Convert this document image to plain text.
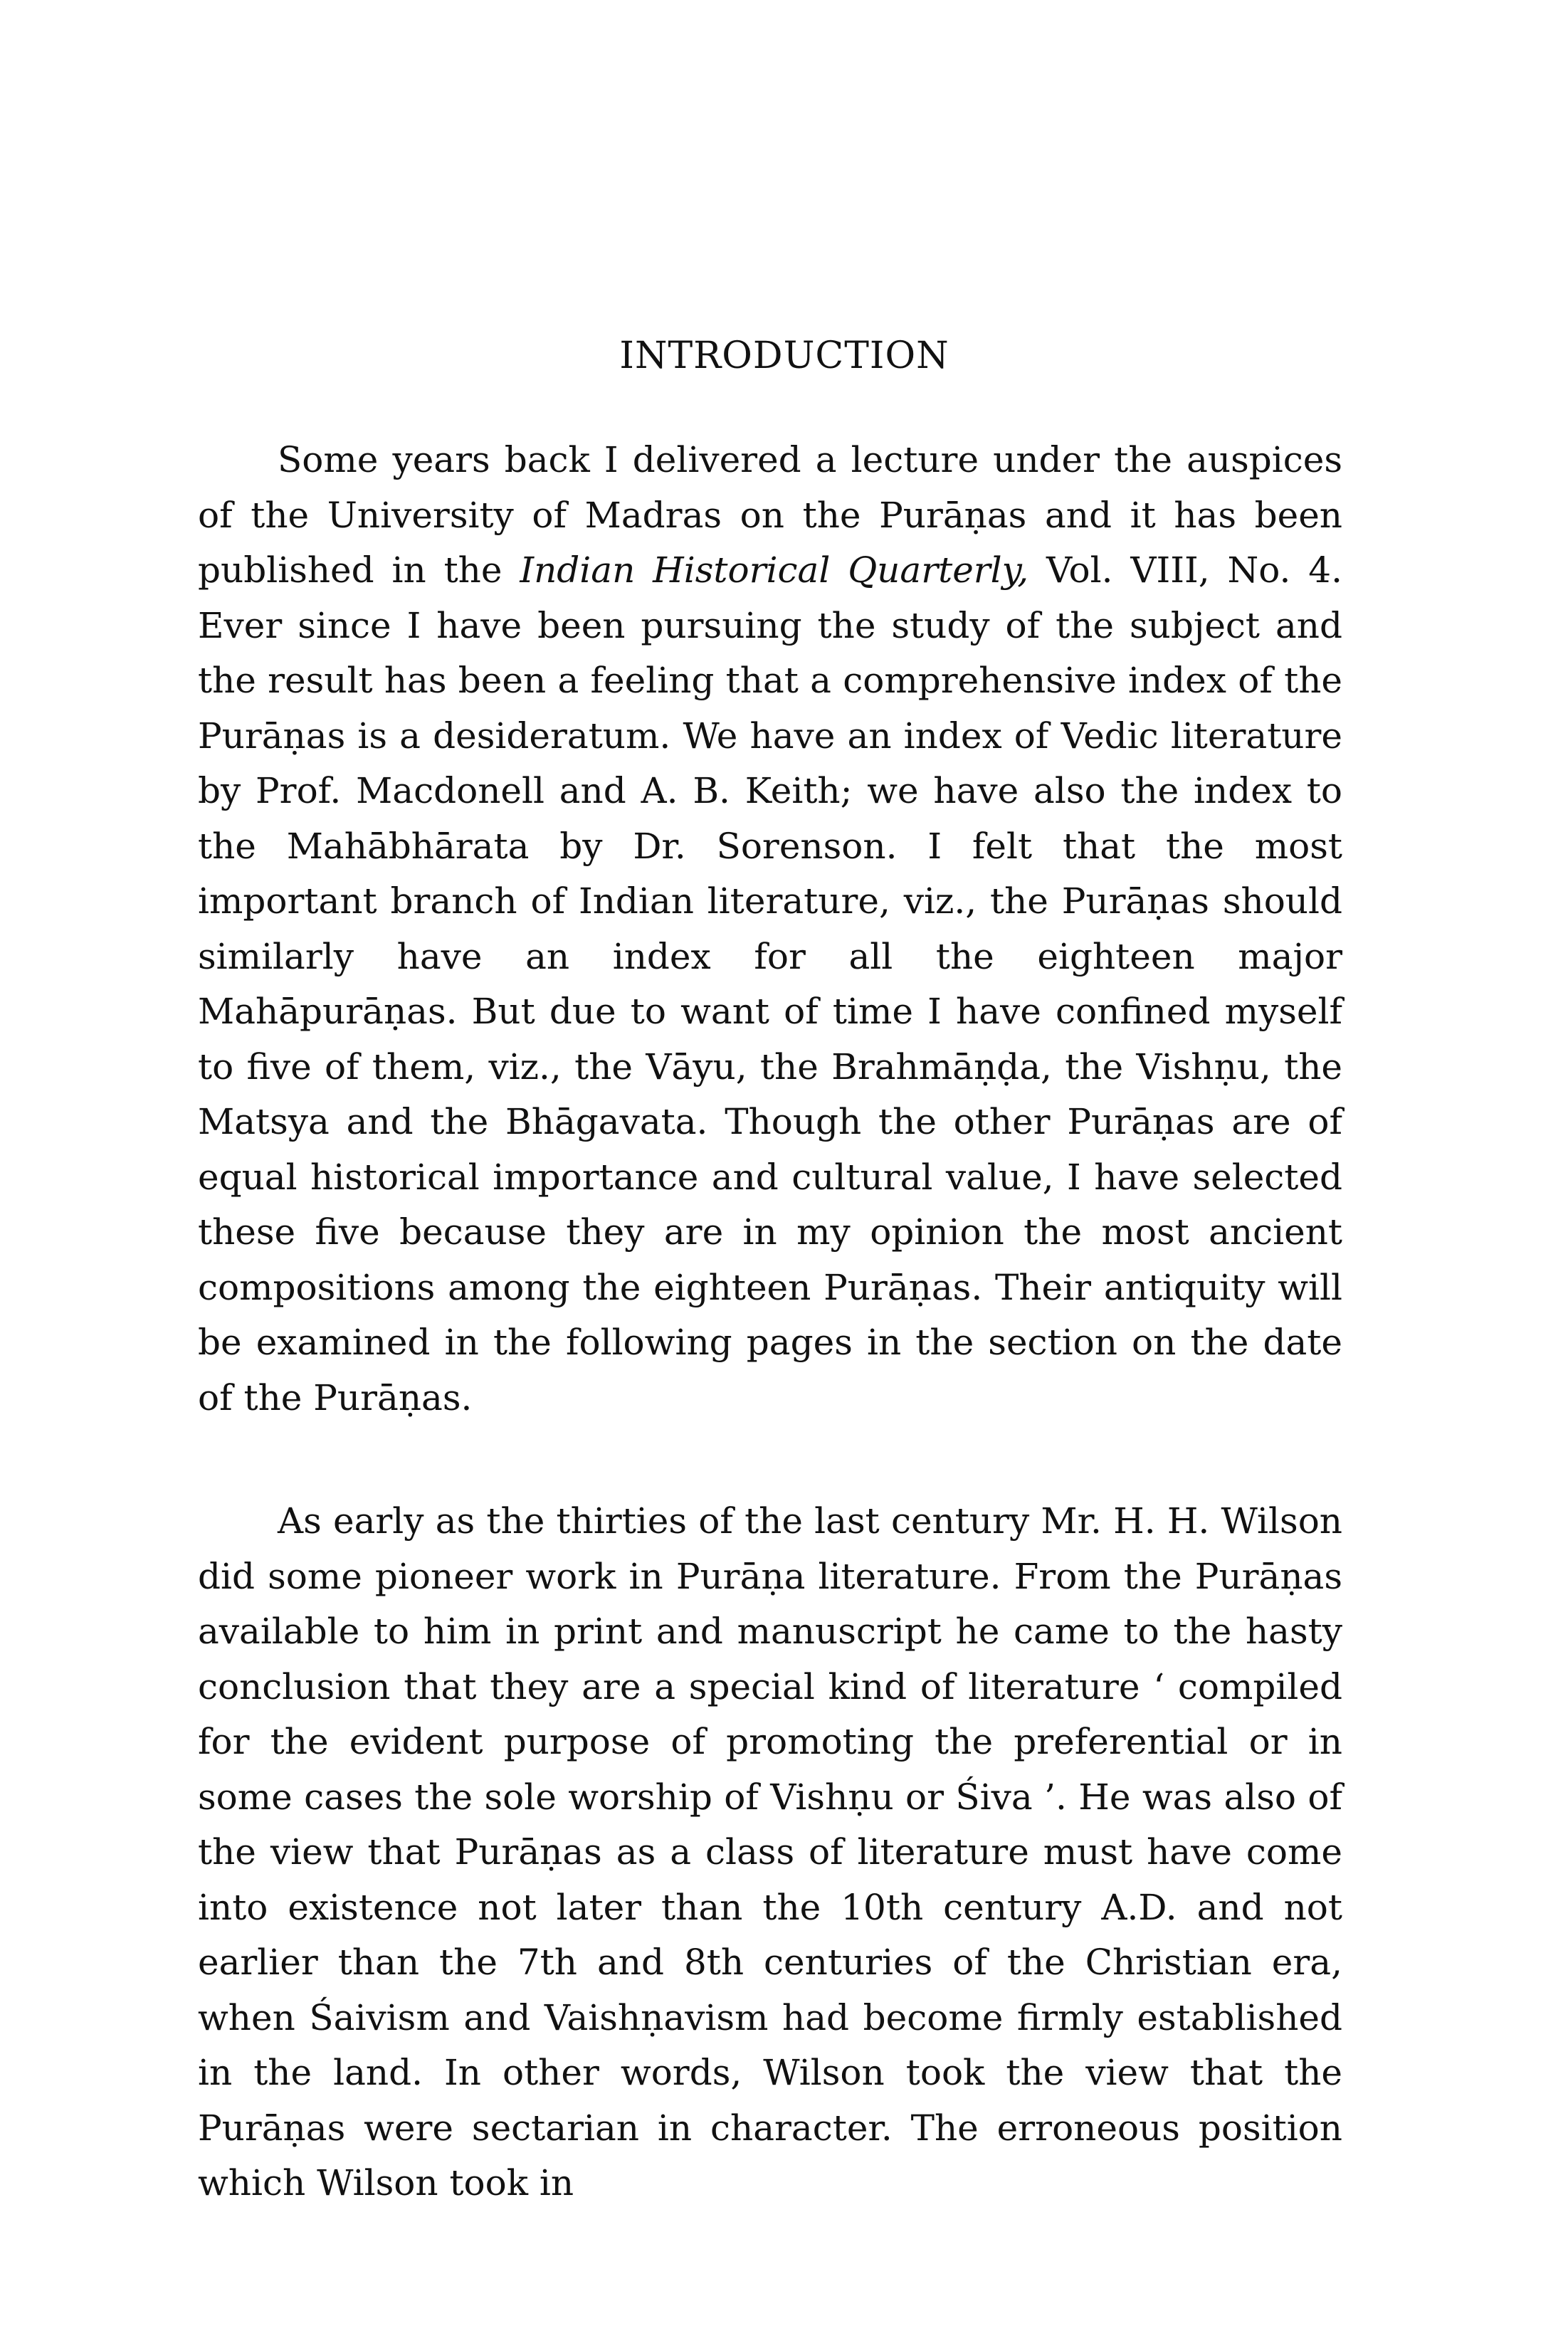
INTRODUCTION

Some years back I delivered a lecture under the auspices of the University of Madras on the Purāṇas and it has been published in the Indian Historical Quarterly, Vol. VIII, No. 4. Ever since I have been pursuing the study of the subject and the result has been a feeling that a comprehensive index of the Purāṇas is a desideratum. We have an index of Vedic literature by Prof. Macdonell and A. B. Keith; we have also the index to the Mahābhārata by Dr. Sorenson. I felt that the most important branch of Indian literature, viz., the Purāṇas should similarly have an index for all the eighteen major Mahāpurāṇas. But due to want of time I have confined myself to five of them, viz., the Vāyu, the Brahmāṇḍa, the Vishṇu, the Matsya and the Bhāgavata. Though the other Purāṇas are of equal historical importance and cultural value, I have selected these five because they are in my opinion the most ancient compositions among the eighteen Purāṇas. Their antiquity will be examined in the following pages in the section on the date of the Purāṇas.

As early as the thirties of the last century Mr. H. H. Wilson did some pioneer work in Purāṇa literature. From the Purāṇas available to him in print and manuscript he came to the hasty conclusion that they are a special kind of literature ‘ compiled for the evident purpose of promoting the preferential or in some cases the sole worship of Vishṇu or Śiva ’. He was also of the view that Purāṇas as a class of literature must have come into existence not later than the 10th century A.D. and not earlier than the 7th and 8th centuries of the Christian era, when Śaivism and Vaishṇavism had become firmly established in the land. In other words, Wilson took the view that the Purāṇas were sectarian in character. The erroneous position which Wilson took in
